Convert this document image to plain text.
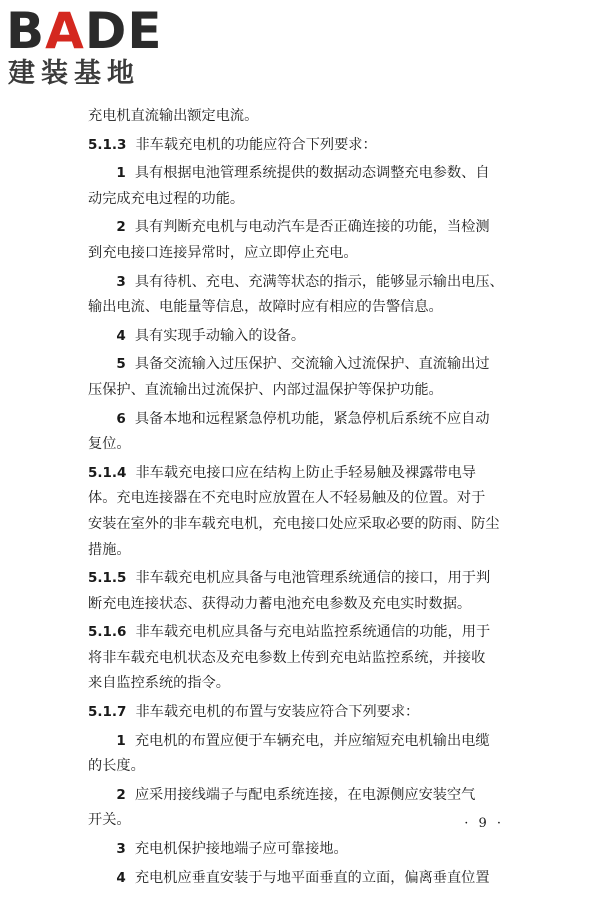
BADE
建装基地

充电机直流输出额定电流。

5.1.3 非车载充电机的功能应符合下列要求：

1 具有根据电池管理系统提供的数据动态调整充电参数、自

动完成充电过程的功能。

2 具有判断充电机与电动汽车是否正确连接的功能，当检测

到充电接口连接异常时，应立即停止充电。

3 具有待机、充电、充满等状态的指示，能够显示输出电压、

输出电流、电能量等信息，故障时应有相应的告警信息。

4 具有实现手动输入的设备。

5 具备交流输入过压保护、交流输入过流保护、直流输出过

压保护、直流输出过流保护、内部过温保护等保护功能。

6 具备本地和远程紧急停机功能，紧急停机后系统不应自动

复位。

5.1.4 非车载充电接口应在结构上防止手轻易触及裸露带电导

体。充电连接器在不充电时应放置在人不轻易触及的位置。对于

安装在室外的非车载充电机，充电接口处应采取必要的防雨、防尘

措施。

5.1.5 非车载充电机应具备与电池管理系统通信的接口，用于判

断充电连接状态、获得动力蓄电池充电参数及充电实时数据。

5.1.6 非车载充电机应具备与充电站监控系统通信的功能，用于

将非车载充电机状态及充电参数上传到充电站监控系统，并接收

来自监控系统的指令。

5.1.7 非车载充电机的布置与安装应符合下列要求：

1 充电机的布置应便于车辆充电，并应缩短充电机输出电缆

的长度。

2 应采用接线端子与配电系统连接，在电源侧应安装空气

开关。

3 充电机保护接地端子应可靠接地。

4 充电机应垂直安装于与地平面垂直的立面，偏离垂直位置

· 9 ·
